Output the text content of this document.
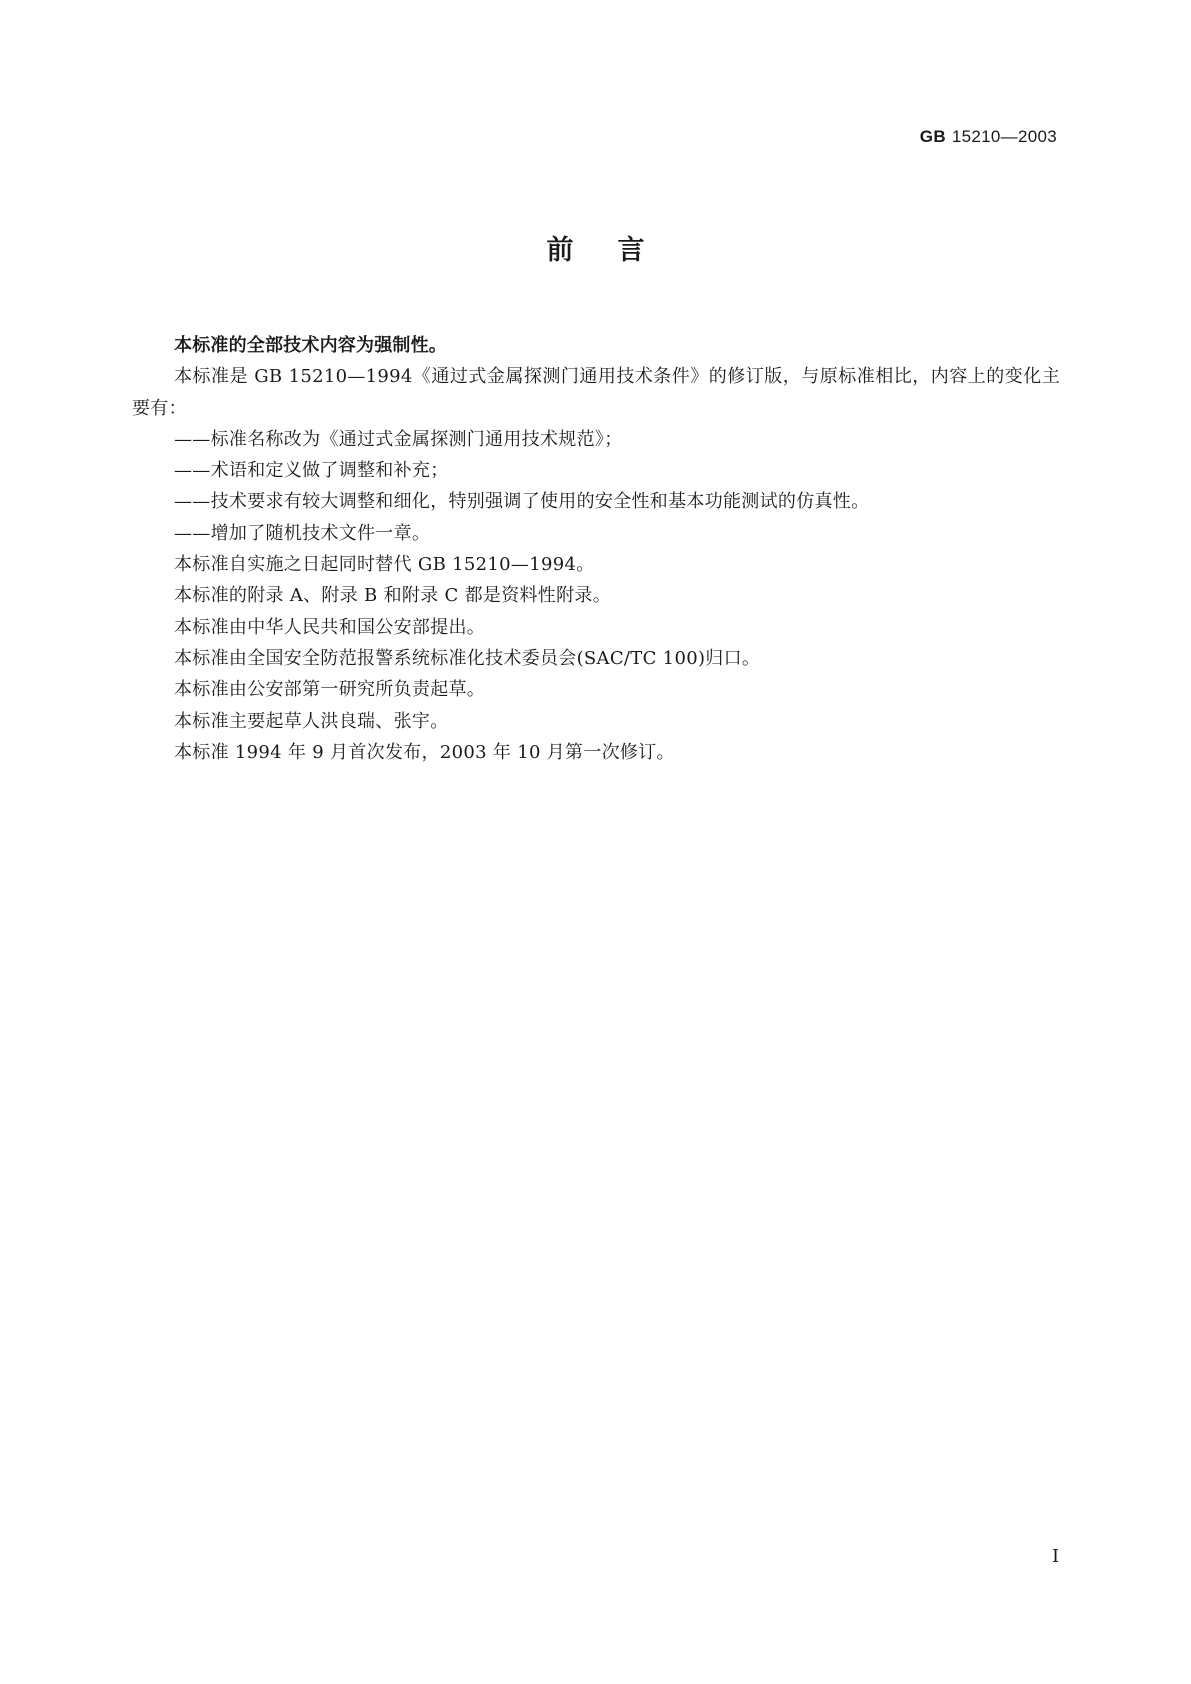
GB 15210—2003
前言

本标准的全部技术内容为强制性。

本标准是 GB 15210—1994《通过式金属探测门通用技术条件》的修订版，与原标准相比，内容上的变化主要有：

——标准名称改为《通过式金属探测门通用技术规范》；

——术语和定义做了调整和补充；

——技术要求有较大调整和细化，特别强调了使用的安全性和基本功能测试的仿真性。

——增加了随机技术文件一章。

本标准自实施之日起同时替代 GB 15210—1994。

本标准的附录 A、附录 B 和附录 C 都是资料性附录。

本标准由中华人民共和国公安部提出。

本标准由全国安全防范报警系统标准化技术委员会(SAC/TC 100)归口。

本标准由公安部第一研究所负责起草。

本标准主要起草人洪良瑞、张宇。

本标准 1994 年 9 月首次发布，2003 年 10 月第一次修订。

I
